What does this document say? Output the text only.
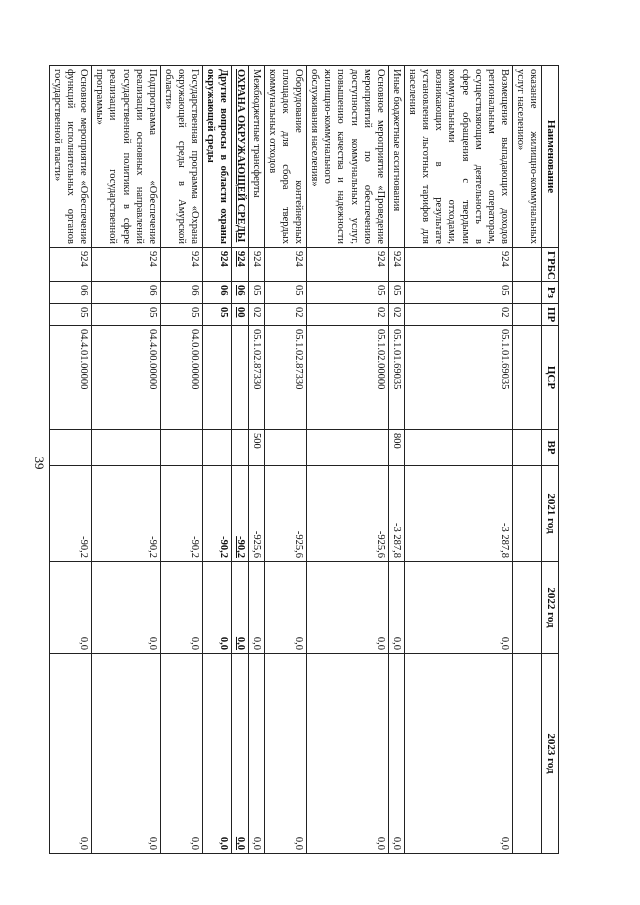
39
Наименование	ГРБС	Рз	ПР	ЦСР	ВР	2021 год	2022 год	2023 год
оказание жилищно-коммунальных услуг населению»								
Возмещение выпадающих доходов региональным операторам, осуществляющим деятельность в сфере обращения с твердыми коммунальными отходами, возникающих в результате установления льготных тарифов для населения	924	05	02	05.1.01.69035		-3 287,8	0,0	0,0
Иные бюджетные ассигнования	924	05	02	05.1.01.69035	800	-3 287,8	0,0	0,0
Основное мероприятие «Проведение мероприятий по обеспечению доступности коммунальных услуг, повышению качества и надежности жилищно-коммунального обслуживания населения»	924	05	02	05.1.02.00000		-925,6	0,0	0,0
Оборудование контейнерных площадок для сбора твердых коммунальных отходов	924	05	02	05.1.02.87330		-925,6	0,0	0,0
Межбюджетные трансферты	924	05	02	05.1.02.87330	500	-925,6	0,0	0,0
ОХРАНА ОКРУЖАЮЩЕЙ СРЕДЫ	924	06	00			-90,2	0,0	0,0
Другие вопросы в области охраны окружающей среды	924	06	05			-90,2	0,0	0,0
Государственная программа «Охрана окружающей среды в Амурской области»	924	06	05	04.0.00.00000		-90,2	0,0	0,0
Подпрограмма «Обеспечение реализации основных направлений государственной политики в сфере реализации государственной программы»	924	06	05	04.4.00.00000		-90,2	0,0	0,0
Основное мероприятие «Обеспечение функций исполнительных органов государственной власти»	924	06	05	04.4.01.00000		-90,2	0,0	0,0
